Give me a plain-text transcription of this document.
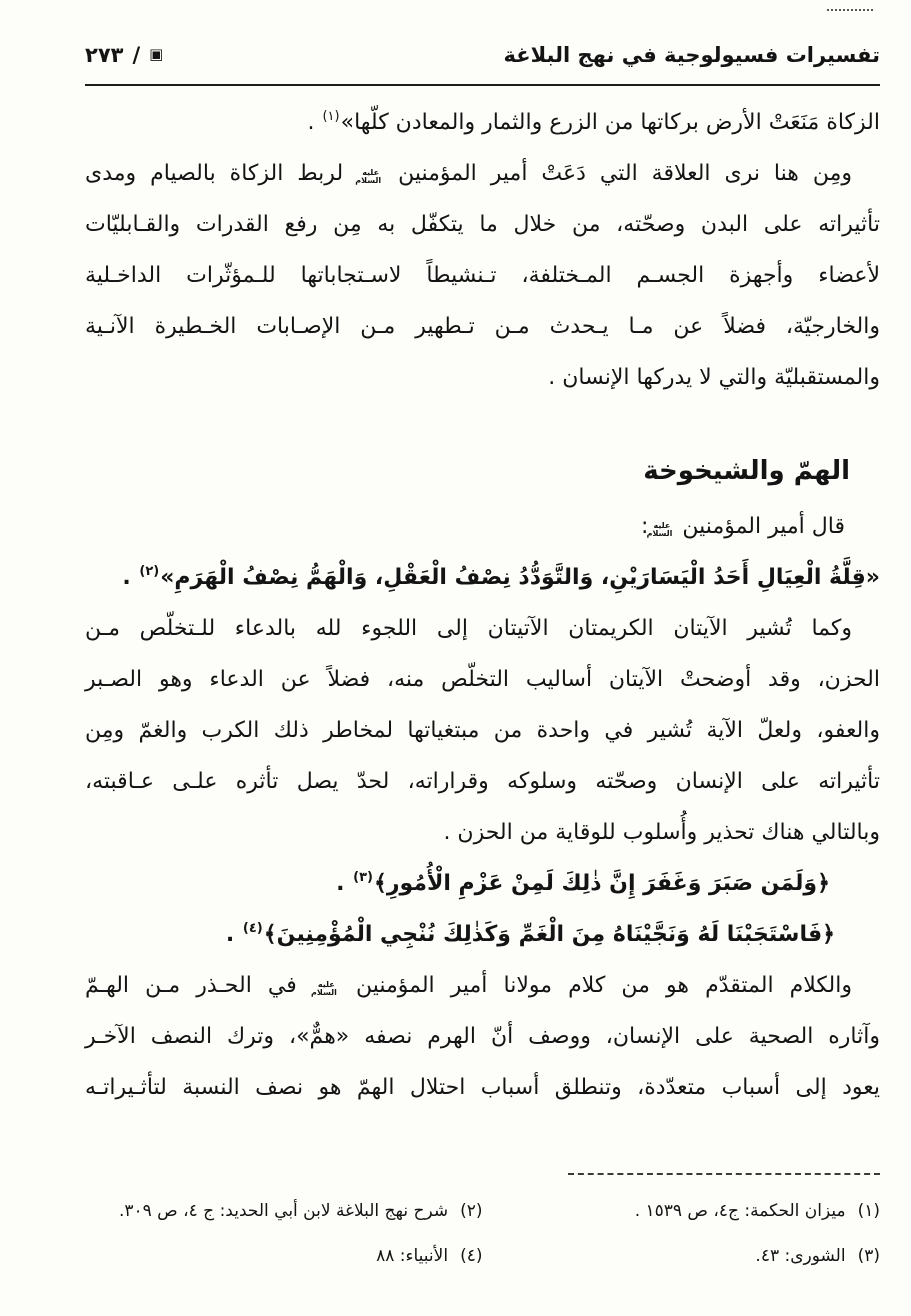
تفسيرات فسيولوجية في نهج البلاغة
٢٧٣ / ▣
الزكاة مَنَعَتْ الأرض بركاتها من الزرع والثمار والمعادن كلّها»(١) .
ومِن هنا نرى العلاقة التي دَعَتْ أمير المؤمنين عليه السلام لربط الزكاة بالصيام ومدى
تأثيراته على البدن وصحّته، من خلال ما يتكفّل به مِن رفع القدرات والقـابليّات
لأعضاء وأجهزة الجسـم المـختلفة، تـنشيطاً لاسـتجاباتها للـمؤثّرات الداخـلية
والخارجيّة، فضلاً عن مـا يـحدث مـن تـطهير مـن الإصـابات الخـطيرة الآنـية
والمستقبليّة والتي لا يدركها الإنسان .
الهمّ والشيخوخة
قال أمير المؤمنين عليه السلام:
«قِلَّةُ الْعِيَالِ أَحَدُ الْيَسَارَيْنِ، وَالتَّوَدُّدُ نِصْفُ الْعَقْلِ، وَالْهَمُّ نِصْفُ الْهَرَمِ»(٢) .
وكما تُشير الآيتان الكريمتان الآتيتان إلى اللجوء لله بالدعاء للـتخلّص مـن
الحزن، وقد أوضحتْ الآيتان أساليب التخلّص منه، فضلاً عن الدعاء وهو الصـبر
والعفو، ولعلّ الآية تُشير في واحدة من مبتغياتها لمخاطر ذلك الكرب والغمّ ومِن
تأثيراته على الإنسان وصحّته وسلوكه وقراراته، لحدّ يصل تأثره علـى عـاقبته،
وبالتالي هناك تحذير وأُسلوب للوقاية من الحزن .
﴿وَلَمَن صَبَرَ وَغَفَرَ إِنَّ ذٰلِكَ لَمِنْ عَزْمِ الْأُمُورِ﴾(٣) .
﴿فَاسْتَجَبْنَا لَهُ وَنَجَّيْنَاهُ مِنَ الْغَمِّ وَكَذٰلِكَ نُنْجِي الْمُؤْمِنِينَ﴾(٤) .
والكلام المتقدّم هو من كلام مولانا أمير المؤمنين عليه السلام في الحـذر مـن الهـمّ
وآثاره الصحية على الإنسان، ووصف أنّ الهرم نصفه «همٌّ»، وترك النصف الآخـر
يعود إلى أسباب متعدّدة، وتنطلق أسباب احتلال الهمّ هو نصف النسبة لتأثـيراتـه
(١)ميزان الحكمة: ج٤، ص ١٥٣٩ .
(٢)شرح نهج البلاغة لابن أبي الحديد: ج ٤، ص ٣٠٩.
(٣)الشورى: ٤٣.
(٤)الأنبياء: ٨٨
